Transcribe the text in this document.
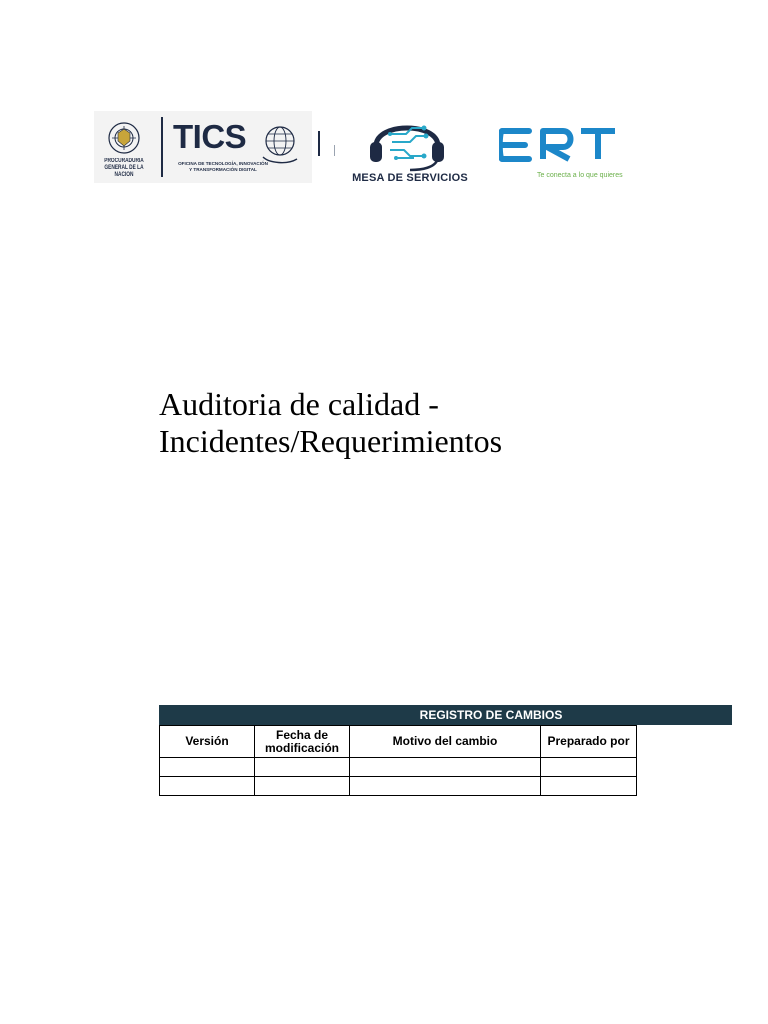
PROCURADURIA GENERAL DE LA NACION
TICS
OFICINA DE TECNOLOGÍA, INNOVACIÓN Y TRANSFORMACIÓN DIGITAL
MESA DE SERVICIOS	Te conecta a lo que quieres
Auditoria de calidad -
Incidentes/Requerimientos
REGISTRO DE CAMBIOS
Versión	Fecha de modificación	Motivo del cambio	Preparado por
